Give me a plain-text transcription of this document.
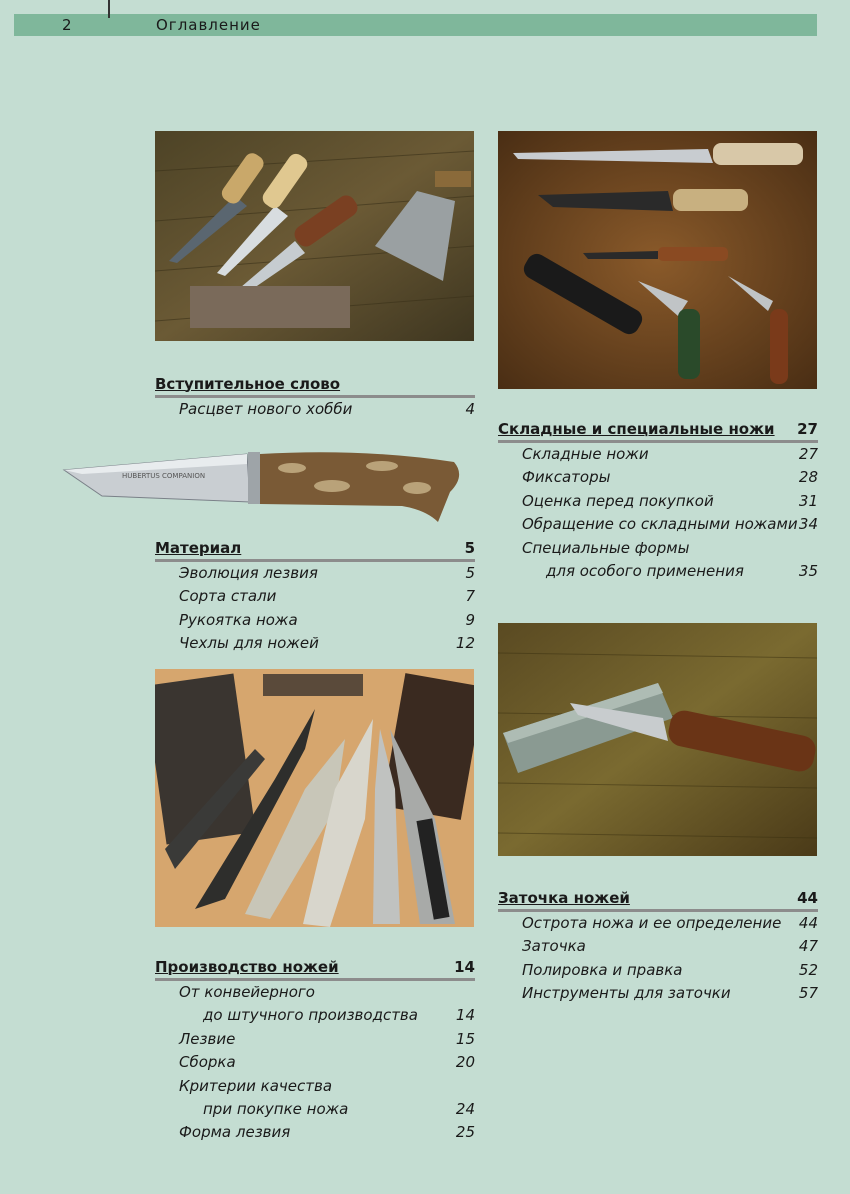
2	Оглавление
Вступительное слово
Расцвет нового хобби	4
HUBERTUS COMPANION
Материал	5
Эволюция лезвия	5
Сорта стали	7
Рукоятка ножа	9
Чехлы для ножей	12
Производство ножей	14
От конвейерного
до штучного производства	14
Лезвие	15
Сборка	20
Критерии качества
при покупке ножа	24
Форма лезвия	25
Складные и специальные ножи 27
Складные ножи	27
Фиксаторы	28
Оценка перед покупкой	31
Обращение со складными ножами 34
Специальные формы
для особого применения	35
Заточка ножей	44
Острота ножа и ее определение 44
Заточка	47
Полировка и правка	52
Инструменты для заточки	57
